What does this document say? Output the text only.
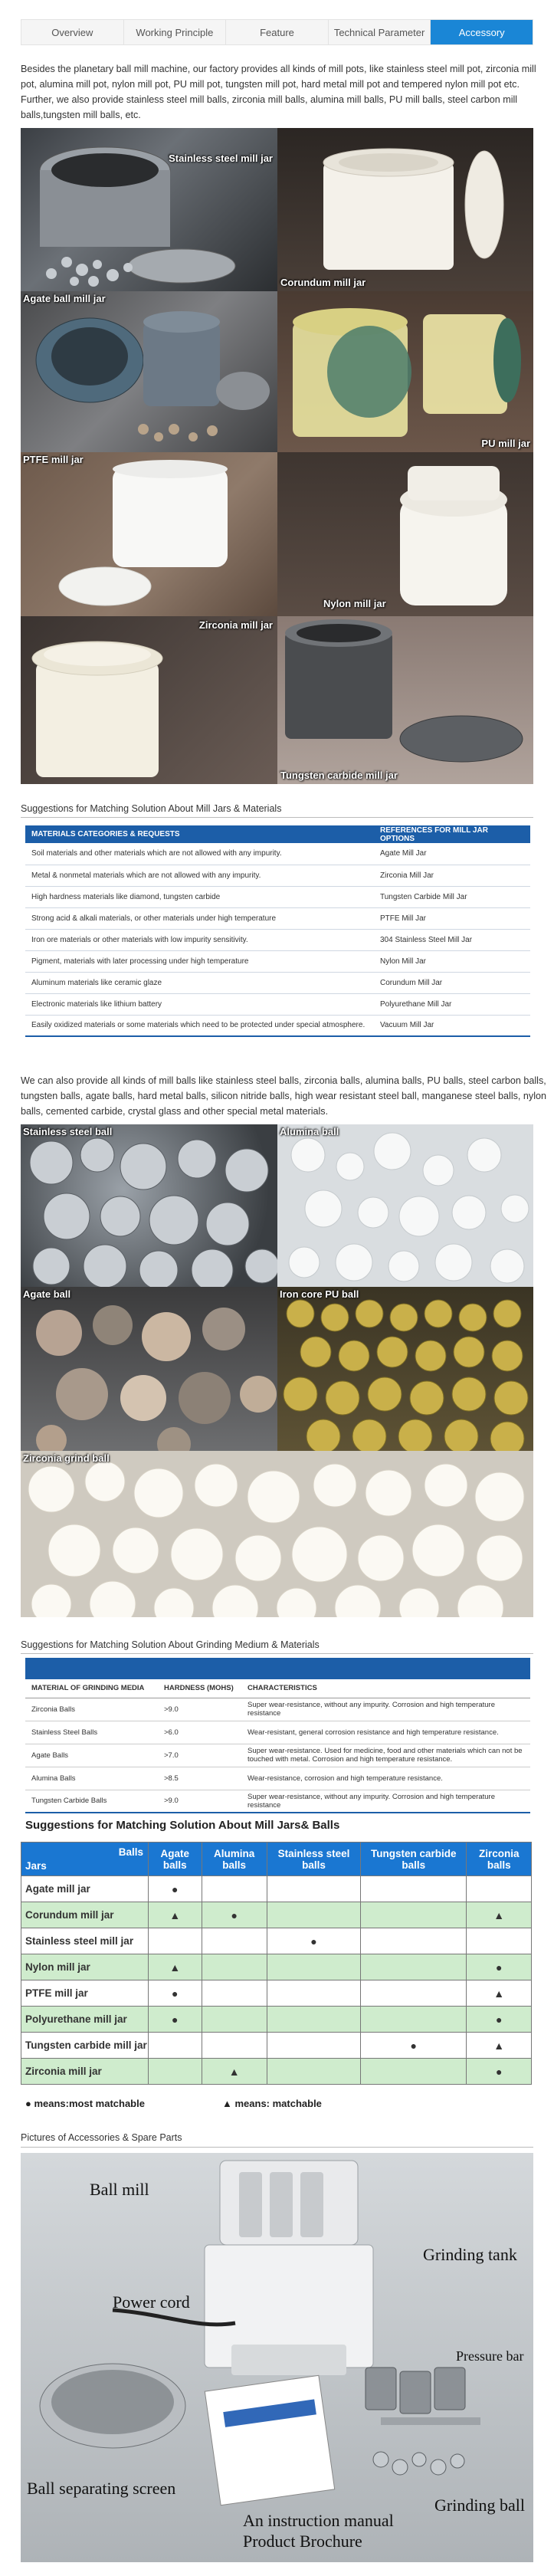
Overview	Working Principle	Feature	Technical Parameter	Accessory
Besides the planetary ball mill machine, our factory provides all kinds of mill pots, like stainless steel mill pot, zirconia mill pot, alumina mill pot, nylon mill pot, PU mill pot, tungsten mill pot, hard metal mill pot and tempered nylon mill pot etc. Further, we also provide stainless steel mill balls, zirconia mill balls, alumina mill balls, PU mill balls, steel carbon mill balls,tungsten mill balls, etc.
Stainless steel mill jar
Corundum mill jar
Agate ball mill jar
PU mill jar
PTFE mill jar
Nylon mill jar
Zirconia mill jar
Tungsten carbide mill jar
Suggestions for Matching Solution About Mill Jars & Materials
MATERIALS CATEGORIES & REQUESTS	REFERENCES FOR MILL JAR OPTIONS
Soil materials and other materials which are not allowed with any impurity.	Agate Mill Jar
Metal & nonmetal materials which are not allowed with any impurity.	Zirconia Mill Jar
High hardness materials like diamond, tungsten carbide	Tungsten Carbide Mill Jar
Strong acid & alkali materials, or other materials under high temperature	PTFE Mill Jar
Iron ore materials or other materials with low impurity sensitivity.	304 Stainless Steel Mill Jar
Pigment, materials with later processing under high temperature	Nylon Mill Jar
Aluminum materials like ceramic glaze	Corundum Mill Jar
Electronic materials like lithium battery	Polyurethane Mill Jar
Easily oxidized materials or some materials which need to be protected under special atmosphere.	Vacuum Mill Jar
We can also provide all kinds of mill balls like stainless steel balls, zirconia balls, alumina balls, PU balls, steel carbon balls, tungsten balls, agate balls, hard metal balls, silicon nitride balls, high wear resistant steel ball, manganese steel balls, nylon balls, cemented carbide, crystal glass and other special metal materials.
Stainless steel ball	Alumina ball
Agate ball	Iron core PU ball
Zirconia grind ball
Suggestions for Matching Solution About Grinding Medium & Materials
MATERIAL OF GRINDING MEDIA	HARDNESS (MOHS)	CHARACTERISTICS
Zirconia Balls	>9.0	Super wear-resistance, without any impurity. Corrosion and high temperature resistance
Stainless Steel Balls	>6.0	Wear-resistant, general corrosion resistance and high temperature resistance.
Agate Balls	>7.0	Super wear-resistance. Used for medicine, food and other materials which can not be touched with metal. Corrosion and high temperature resistance.
Alumina Balls	>8.5	Wear-resistance, corrosion and high temperature resistance.
Tungsten Carbide Balls	>9.0	Super wear-resistance, without any impurity. Corrosion and high temperature resistance
Suggestions for Matching Solution About Mill Jars& Balls
Balls
Jars	Agate balls	Alumina balls	Stainless steel balls	Tungsten carbide balls	Zirconia balls
Agate mill jar	●				
Corundum mill jar	▲	●			▲
Stainless steel mill jar			●		
Nylon mill jar	▲				●
PTFE mill jar	●				▲
Polyurethane mill jar	●				●
Tungsten carbide mill jar				●	▲
Zirconia mill jar		▲			●
● means:most matchable	▲ means: matchable
Pictures of Accessories & Spare Parts
Ball mill
Power cord
Grinding tank
Pressure bar
Ball separating screen
An instruction manual
Product Brochure
Grinding ball
